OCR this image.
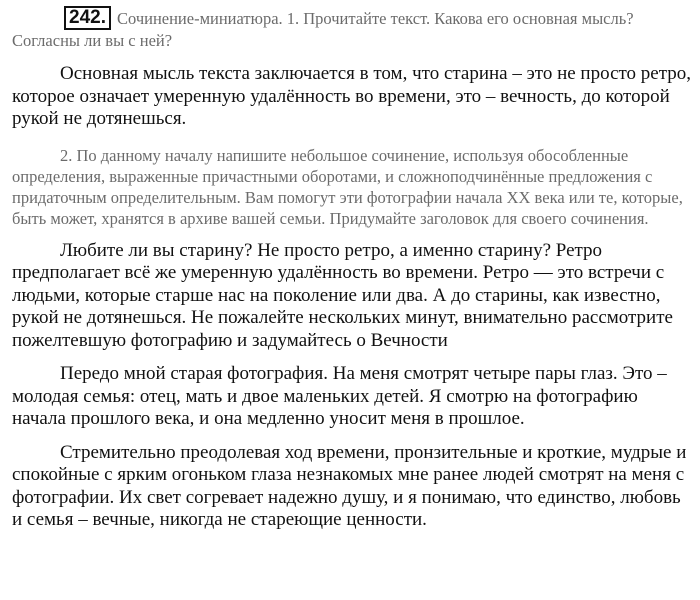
242. Сочинение-миниатюра. 1. Прочитайте текст. Какова его основная мысль? Согласны ли вы с ней?

Основная мысль текста заключается в том, что старина – это не просто ретро, которое означает умеренную удалённость во времени, это – вечность, до которой рукой не дотянешься.

2. По данному началу напишите небольшое сочинение, используя обособленные определения, выраженные причастными оборотами, и сложноподчинённые предложения с придаточным определительным. Вам помогут эти фотографии начала XX века или те, которые, быть может, хранятся в архиве вашей семьи. Придумайте заголовок для своего сочинения.

Любите ли вы старину? Не просто ретро, а именно старину? Ретро предполагает всё же умеренную удалённость во времени. Ретро — это встречи с людьми, которые старше нас на поколение или два. А до старины, как известно, рукой не дотянешься. Не пожалейте нескольких минут, внимательно рассмотрите пожелтевшую фотографию и задумайтесь о Вечности

Передо мной старая фотография. На меня смотрят четыре пары глаз. Это – молодая семья: отец, мать и двое маленьких детей. Я смотрю на фотографию начала прошлого века, и она медленно уносит меня в прошлое.

Стремительно преодолевая ход времени, пронзительные и кроткие, мудрые и спокойные с ярким огоньком глаза незнакомых мне ранее людей смотрят на меня с фотографии. Их свет согревает надежно душу, и я понимаю, что единство, любовь и семья – вечные, никогда не стареющие ценности.
